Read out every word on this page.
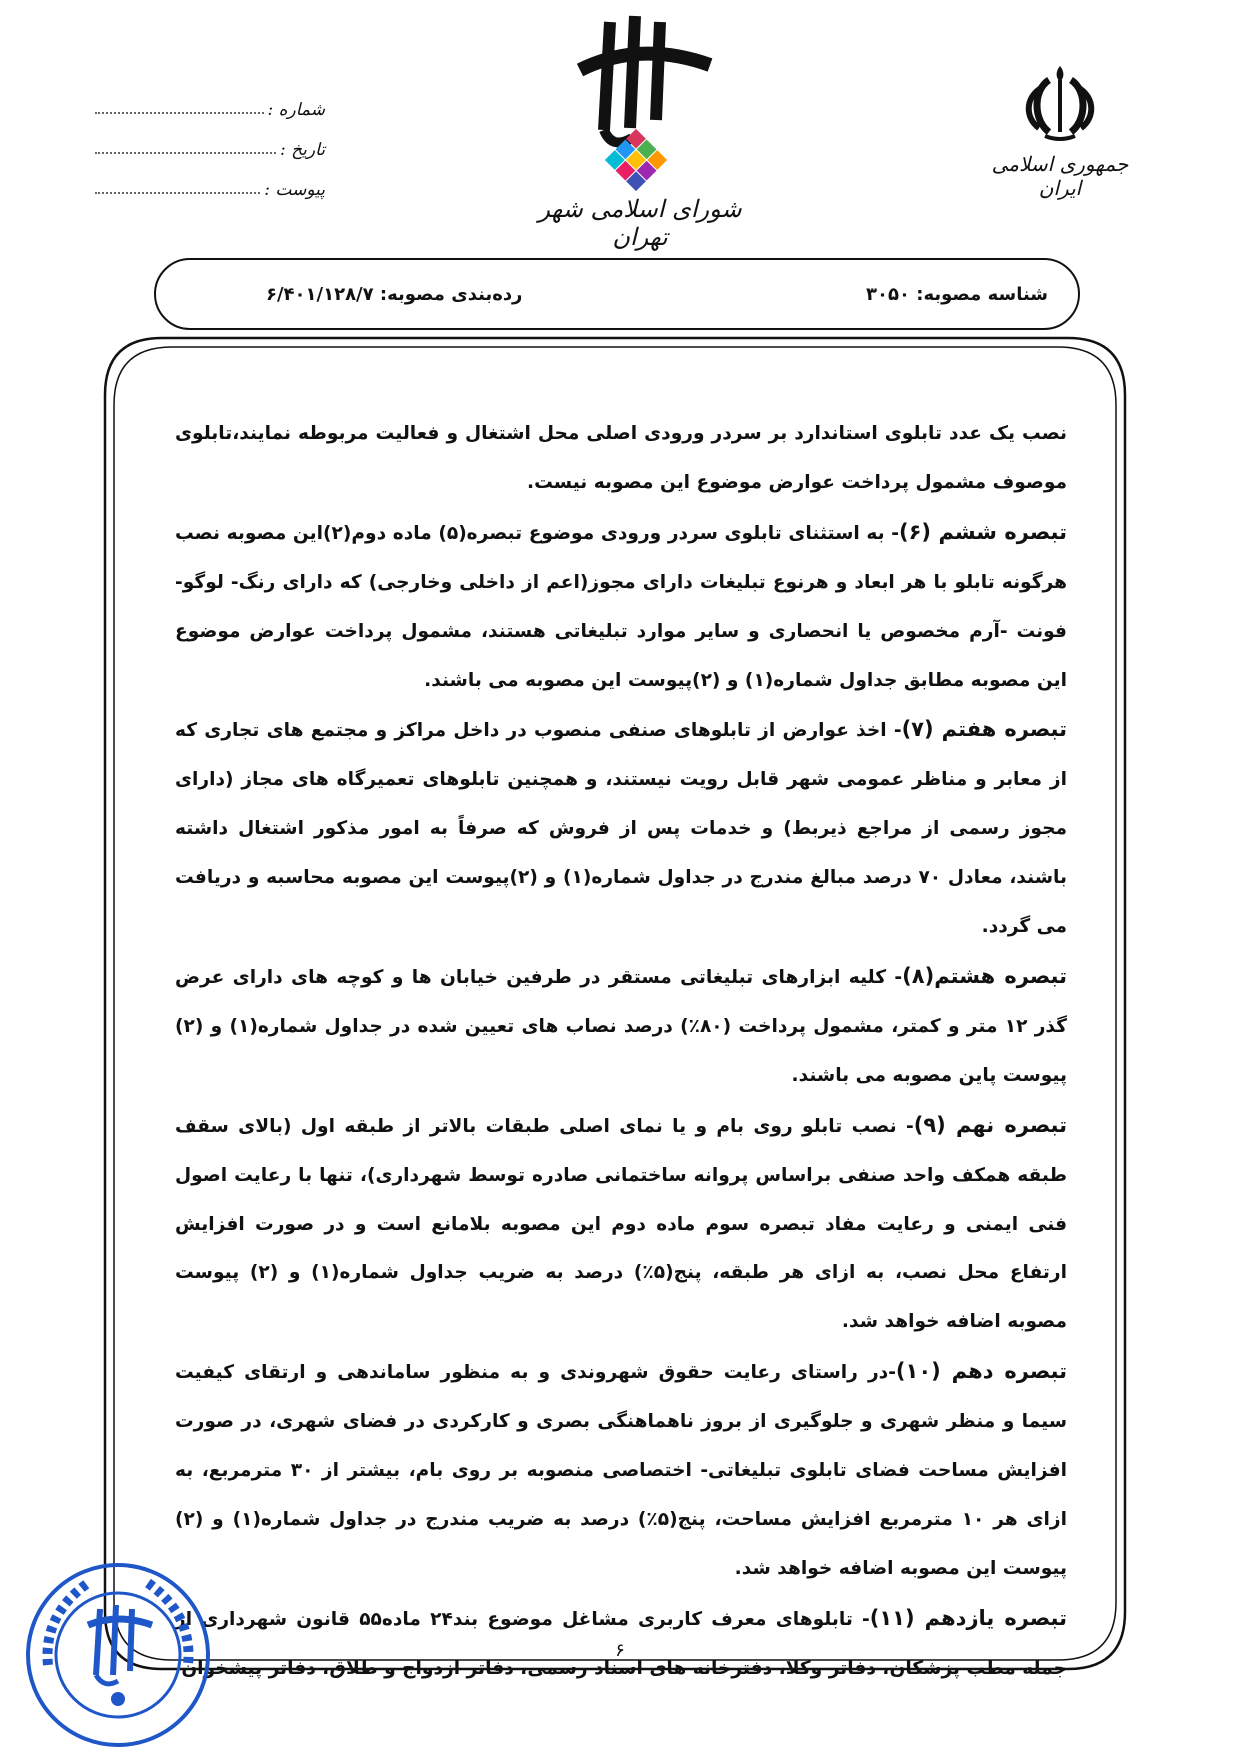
جمهوری اسلامی ایران
شورای اسلامی شهر تهران
شماره :
تاریخ :
پیوست :
شناسه مصوبه: ۳۰۵۰
رده‌بندی مصوبه: ۶/۴۰۱/۱۲۸/۷

نصب یک عدد تابلوی استاندارد بر سردر ورودی اصلی محل اشتغال و فعالیت مربوطه نمایند،تابلوی موصوف مشمول پرداخت عوارض موضوع این مصوبه نیست.

تبصره ششم (۶)- به استثنای تابلوی سردر ورودی موضوع تبصره(۵) ماده دوم(۲)این مصوبه نصب هرگونه تابلو با هر ابعاد و هرنوع تبلیغات دارای مجوز(اعم از داخلی وخارجی) که دارای رنگ- لوگو-فونت -آرم مخصوص یا انحصاری و سایر موارد تبلیغاتی هستند، مشمول پرداخت عوارض موضوع این مصوبه مطابق جداول شماره(۱) و (۲)پیوست این مصوبه می باشند.

تبصره هفتم (۷)- اخذ عوارض از تابلوهای صنفی منصوب در داخل مراکز و مجتمع های تجاری که از معابر و مناظر عمومی شهر قابل رویت نیستند، و همچنین تابلوهای تعمیرگاه های مجاز (دارای مجوز رسمی از مراجع ذیربط) و خدمات پس از فروش که صرفاً به امور مذکور اشتغال داشته باشند، معادل ۷۰ درصد مبالغ مندرج در جداول شماره(۱) و (۲)پیوست این مصوبه محاسبه و دریافت می گردد.

تبصره هشتم(۸)- کلیه ابزارهای تبلیغاتی مستقر در طرفین خیابان ها و کوچه های دارای عرض گذر ۱۲ متر و کمتر، مشمول پرداخت (۸۰٪) درصد نصاب های تعیین شده در جداول شماره(۱) و (۲) پیوست پاین مصوبه می باشند.

تبصره نهم (۹)- نصب تابلو روی بام و یا نمای اصلی طبقات بالاتر از طبقه اول (بالای سقف طبقه همکف واحد صنفی براساس پروانه ساختمانی صادره توسط شهرداری)، تنها با رعایت اصول فنی ایمنی و رعایت مفاد تبصره سوم ماده دوم این مصوبه بلامانع است و در صورت افزایش ارتفاع محل نصب، به ازای هر طبقه، پنج(۵٪) درصد به ضریب جداول شماره(۱) و (۲) پیوست مصوبه اضافه خواهد شد.

تبصره دهم (۱۰)-در راستای رعایت حقوق شهروندی و به منظور ساماندهی و ارتقای کیفیت سیما و منظر شهری و جلوگیری از بروز ناهماهنگی بصری و کارکردی در فضای شهری، در صورت افزایش مساحت فضای تابلوی تبلیغاتی- اختصاصی منصوبه بر روی بام، بیشتر از ۳۰ مترمربع، به ازای هر ۱۰ مترمربع افزایش مساحت، پنج(۵٪) درصد به ضریب مندرج در جداول شماره(۱) و (۲) پیوست این مصوبه اضافه خواهد شد.

تبصره یازدهم (۱۱)- تابلوهای معرف کاربری مشاغل موضوع بند۲۴ ماده۵۵ قانون شهرداری از جمله مطب پزشکان، دفاتر وکلا، دفترخانه های اسناد رسمی، دفاتر ازدواج و طلاق، دفاتر پیشخوان

۶
